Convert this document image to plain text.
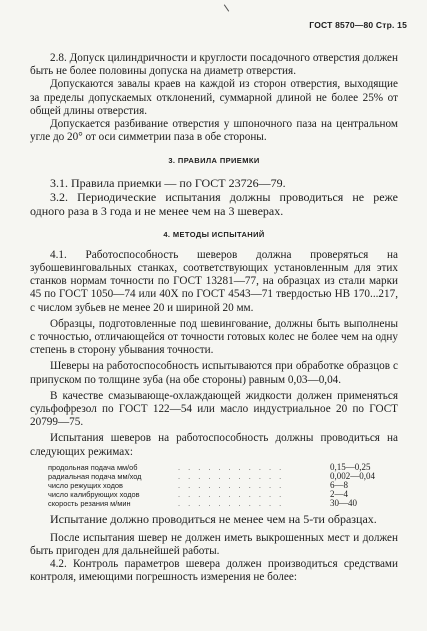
ГОСТ 8570—80 Стр. 15

2.8. Допуск цилиндричности и круглости посадочного отверстия должен быть не более половины допуска на диаметр отверстия.

Допускаются завалы краев на каждой из сторон отверстия, выходящие за пределы допускаемых отклонений, суммарной длиной не более 25% от общей длины отверстия.

Допускается разбивание отверстия у шпоночного паза на центральном угле до 20° от оси симметрии паза в обе стороны.

3. ПРАВИЛА ПРИЕМКИ

3.1. Правила приемки — по ГОСТ 23726—79.

3.2. Периодические испытания должны проводиться не реже одного раза в 3 года и не менее чем на 3 шеверах.

4. МЕТОДЫ ИСПЫТАНИЙ

4.1. Работоспособность шеверов должна проверяться на зубошевинговальных станках, соответствующих установленным для этих станков нормам точности по ГОСТ 13281—77, на образцах из стали марки 45 по ГОСТ 1050—74 или 40Х по ГОСТ 4543—71 твердостью НВ 170...217, с числом зубьев не менее 20 и шириной 20 мм.

Образцы, подготовленные под шевингование, должны быть выполнены с точностью, отличающейся от точности готовых колес не более чем на одну степень в сторону убывания точности.

Шеверы на работоспособность испытываются при обработке образцов с припуском по толщине зуба (на обе стороны) равным 0,03—0,04.

В качестве смазывающе-охлаждающей жидкости должен применяться сульфофрезол по ГОСТ 122—54 или масло индустриальное 20 по ГОСТ 20799—75.

Испытания шеверов на работоспособность должны проводиться на следующих режимах:

продольная подача мм/об	. . . . . . . . . . .	0,15—0,25
радиальная подача мм/ход	. . . . . . . . . . .	0,002—0,04
число режущих ходов	. . . . . . . . . . .	6—8
число калибрующих ходов	. . . . . . . . . . .	2—4
скорость резания м/мин	. . . . . . . . . . .	30—40

Испытание должно проводиться не менее чем на 5-ти образцах.

После испытания шевер не должен иметь выкрошенных мест и должен быть пригоден для дальнейшей работы.

4.2. Контроль параметров шевера должен производиться средствами контроля, имеющими погрешность измерения не более:
